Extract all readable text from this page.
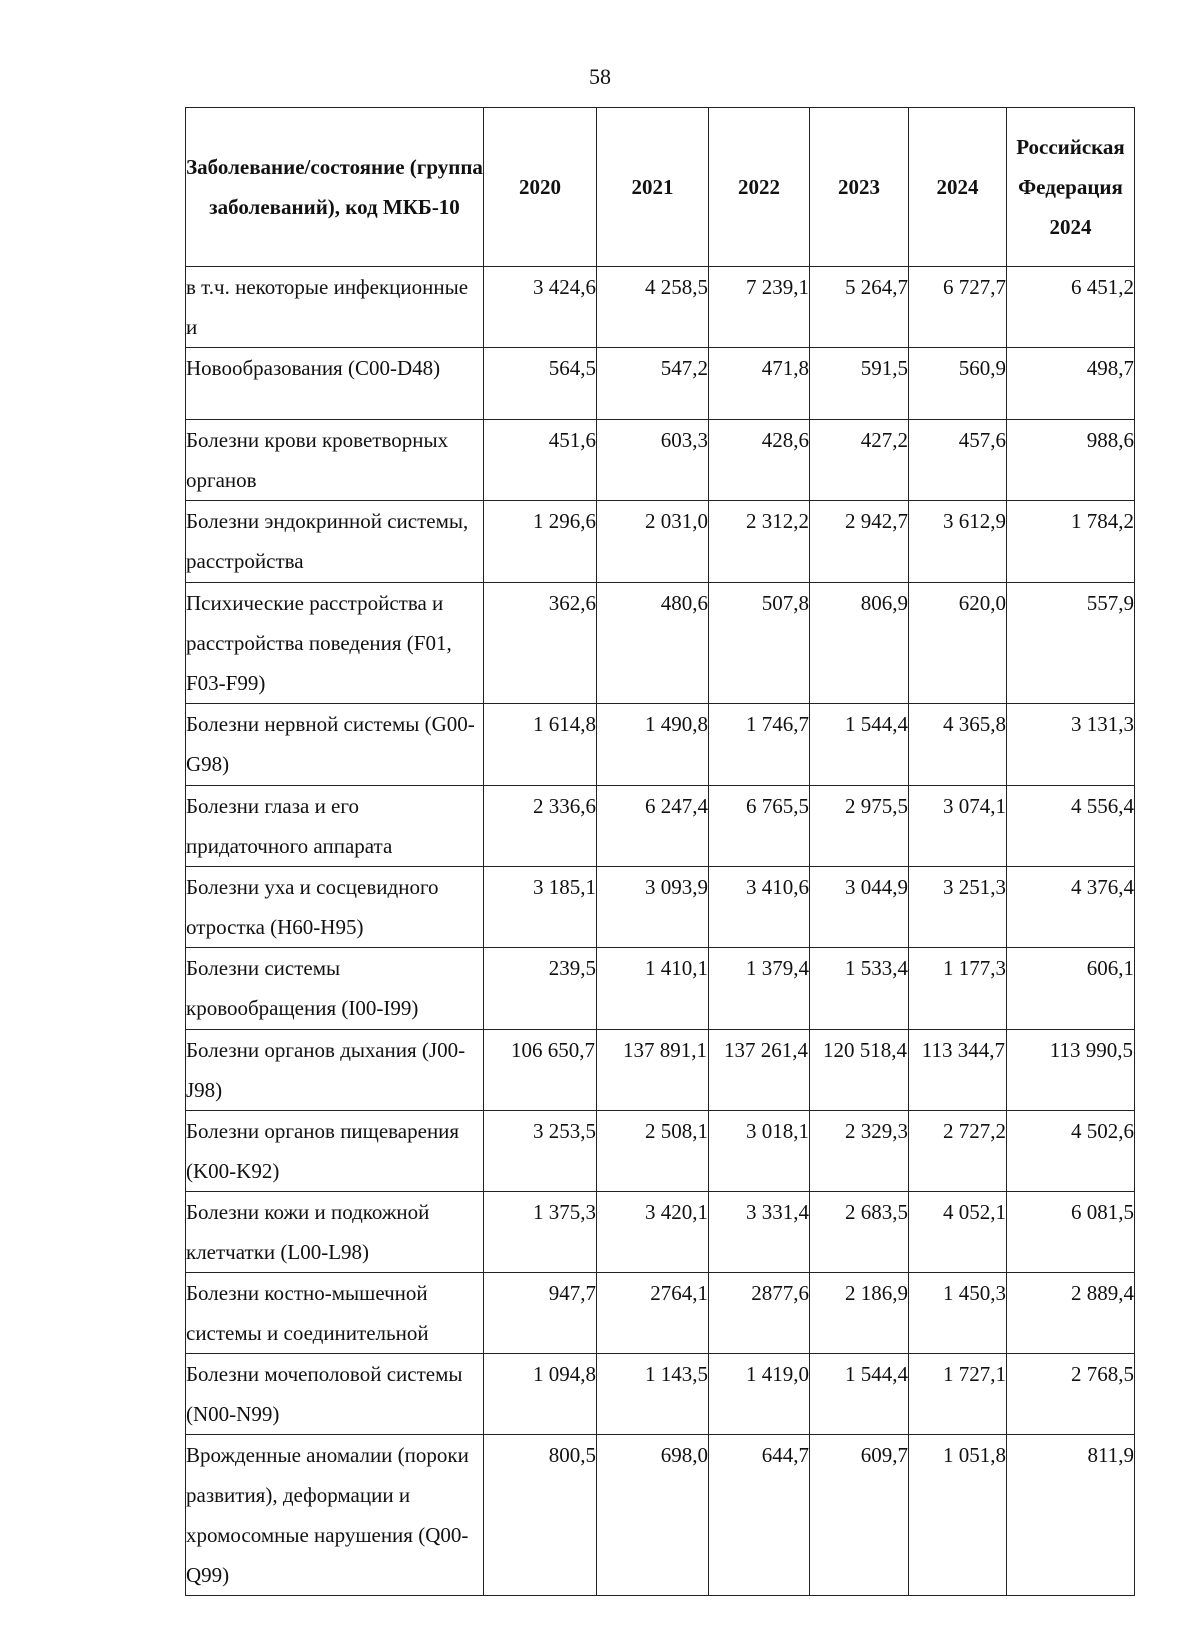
58
Заболевание/состояние (группа заболеваний), код МКБ-10	2020	2021	2022	2023	2024	Российская Федерация 2024
в т.ч. некоторые инфекционные и	3 424,6	4 258,5	7 239,1	5 264,7	6 727,7	6 451,2
Новообразования (C00-D48)	564,5	547,2	471,8	591,5	560,9	498,7
Болезни крови кроветворных органов	451,6	603,3	428,6	427,2	457,6	988,6
Болезни эндокринной системы, расстройства	1 296,6	2 031,0	2 312,2	2 942,7	3 612,9	1 784,2
Психические расстройства и расстройства поведения (F01, F03-F99)	362,6	480,6	507,8	806,9	620,0	557,9
Болезни нервной системы (G00-G98)	1 614,8	1 490,8	1 746,7	1 544,4	4 365,8	3 131,3
Болезни глаза и его придаточного аппарата	2 336,6	6 247,4	6 765,5	2 975,5	3 074,1	4 556,4
Болезни уха и сосцевидного отростка (H60-H95)	3 185,1	3 093,9	3 410,6	3 044,9	3 251,3	4 376,4
Болезни системы кровообращения (I00-I99)	239,5	1 410,1	1 379,4	1 533,4	1 177,3	606,1
Болезни органов дыхания (J00-J98)	106 650,7	137 891,1	137 261,4	120 518,4	113 344,7	113 990,5
Болезни органов пищеварения (K00-K92)	3 253,5	2 508,1	3 018,1	2 329,3	2 727,2	4 502,6
Болезни кожи и подкожной клетчатки (L00-L98)	1 375,3	3 420,1	3 331,4	2 683,5	4 052,1	6 081,5
Болезни костно-мышечной системы и соединительной	947,7	2764,1	2877,6	2 186,9	1 450,3	2 889,4
Болезни мочеполовой системы (N00-N99)	1 094,8	1 143,5	1 419,0	1 544,4	1 727,1	2 768,5
Врожденные аномалии (пороки развития), деформации и хромосомные нарушения (Q00-Q99)	800,5	698,0	644,7	609,7	1 051,8	811,9
